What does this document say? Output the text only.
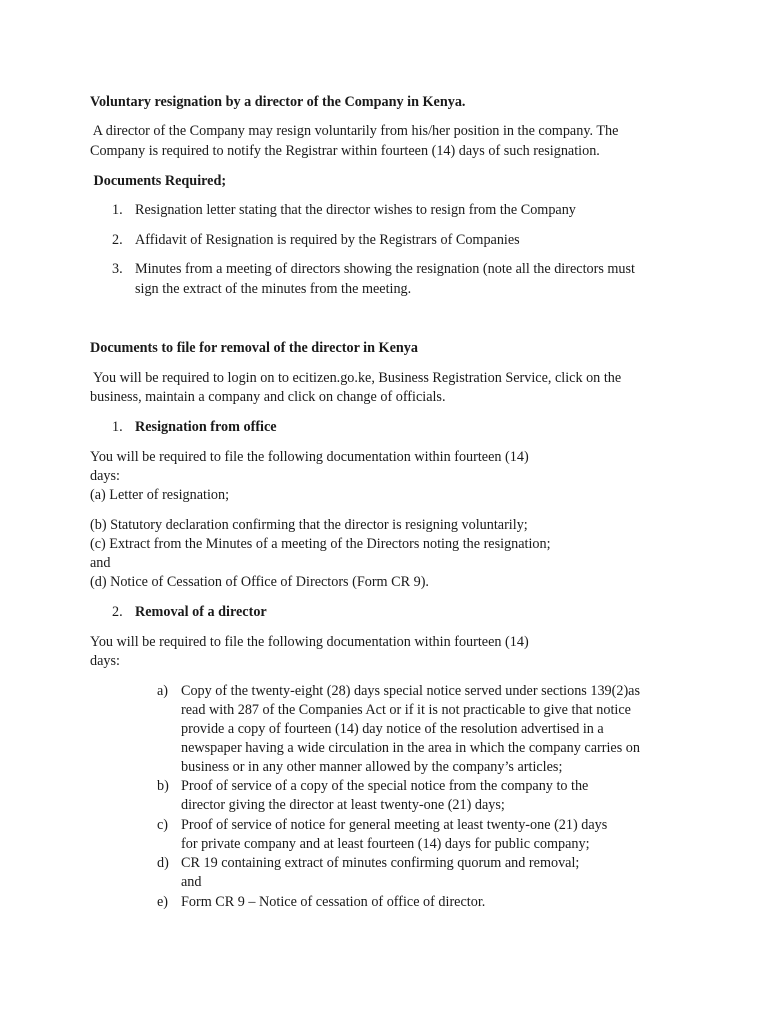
Voluntary resignation by a director of the Company in Kenya.

A director of the Company may resign voluntarily from his/her position in the company. The

Company is required to notify the Registrar within fourteen (14) days of such resignation.

Documents Required;

1. Resignation letter stating that the director wishes to resign from the Company
2. Affidavit of Resignation is required by the Registrars of Companies
3. Minutes from a meeting of directors showing the resignation (note all the directors must
sign the extract of the minutes from the meeting.

Documents to file for removal of the director in Kenya

You will be required to login on to ecitizen.go.ke, Business Registration Service, click on the

business, maintain a company and click on change of officials.

1. Resignation from office

You will be required to file the following documentation within fourteen (14)

days:

(a) Letter of resignation;

(b) Statutory declaration confirming that the director is resigning voluntarily;

(c) Extract from the Minutes of a meeting of the Directors noting the resignation;

and

(d) Notice of Cessation of Office of Directors (Form CR 9).

2. Removal of a director

You will be required to file the following documentation within fourteen (14)

days:

a) Copy of the twenty-eight (28) days special notice served under sections 139(2)as
read with 287 of the Companies Act or if it is not practicable to give that notice
provide a copy of fourteen (14) day notice of the resolution advertised in a
newspaper having a wide circulation in the area in which the company carries on
business or in any other manner allowed by the company’s articles;
b) Proof of service of a copy of the special notice from the company to the
director giving the director at least twenty-one (21) days;
c) Proof of service of notice for general meeting at least twenty-one (21) days
for private company and at least fourteen (14) days for public company;
d) CR 19 containing extract of minutes confirming quorum and removal;
and
e) Form CR 9 – Notice of cessation of office of director.
